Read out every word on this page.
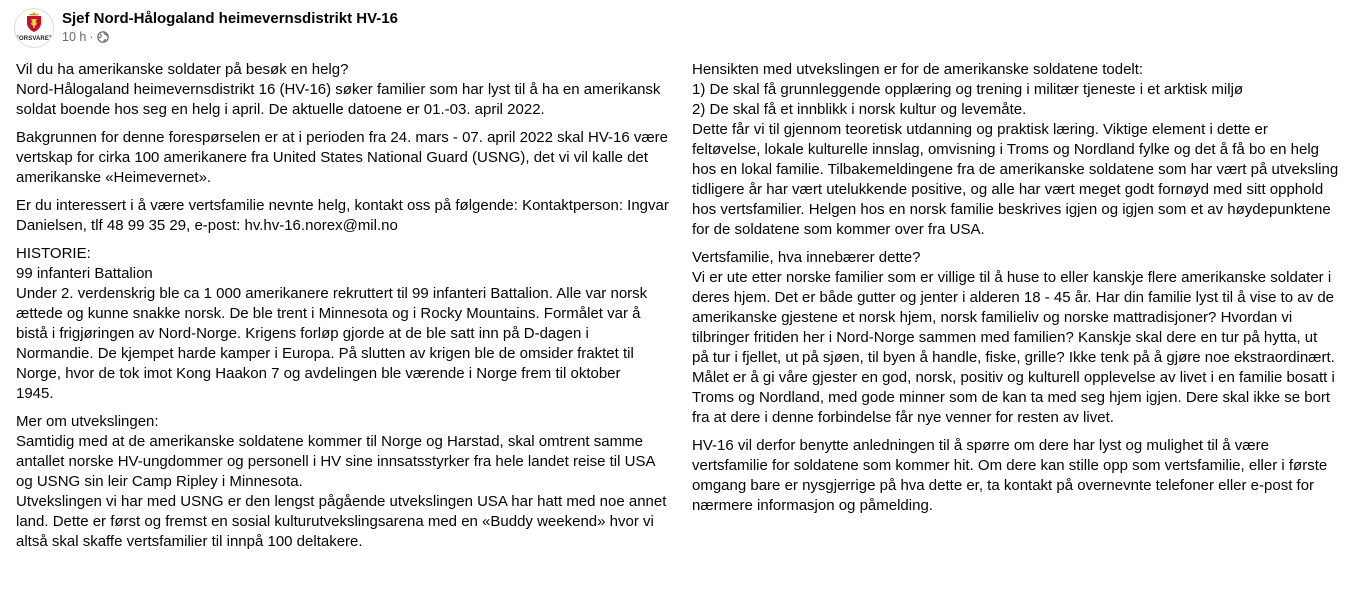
FORSVARET
Sjef Nord-Hålogaland heimevernsdistrikt HV-16
10 h ·

Vil du ha amerikanske soldater på besøk en helg?
Nord-Hålogaland heimevernsdistrikt 16 (HV-16) søker familier som har lyst til å ha en amerikansk
soldat boende hos seg en helg i april. De aktuelle datoene er 01.-03. april 2022.

Bakgrunnen for denne forespørselen er at i perioden fra 24. mars - 07. april 2022 skal HV-16 være
vertskap for cirka 100 amerikanere fra United States National Guard (USNG), det vi vil kalle det
amerikanske «Heimevernet».

Er du interessert i å være vertsfamilie nevnte helg, kontakt oss på følgende: Kontaktperson: Ingvar
Danielsen, tlf 48 99 35 29, e-post: hv.hv-16.norex@mil.no

HISTORIE:
99 infanteri Battalion
Under 2. verdenskrig ble ca 1 000 amerikanere rekruttert til 99 infanteri Battalion. Alle var norsk
ættede og kunne snakke norsk. De ble trent i Minnesota og i Rocky Mountains. Formålet var å
bistå i frigjøringen av Nord-Norge. Krigens forløp gjorde at de ble satt inn på D-dagen i
Normandie. De kjempet harde kamper i Europa. På slutten av krigen ble de omsider fraktet til
Norge, hvor de tok imot Kong Haakon 7 og avdelingen ble værende i Norge frem til oktober
1945.

Mer om utvekslingen:
Samtidig med at de amerikanske soldatene kommer til Norge og Harstad, skal omtrent samme
antallet norske HV-ungdommer og personell i HV sine innsatsstyrker fra hele landet reise til USA
og USNG sin leir Camp Ripley i Minnesota.
Utvekslingen vi har med USNG er den lengst pågående utvekslingen USA har hatt med noe annet
land. Dette er først og fremst en sosial kulturutvekslingsarena med en «Buddy weekend» hvor vi
altså skal skaffe vertsfamilier til innpå 100 deltakere.

Hensikten med utvekslingen er for de amerikanske soldatene todelt:
1) De skal få grunnleggende opplæring og trening i militær tjeneste i et arktisk miljø
2) De skal få et innblikk i norsk kultur og levemåte.
Dette får vi til gjennom teoretisk utdanning og praktisk læring. Viktige element i dette er
feltøvelse, lokale kulturelle innslag, omvisning i Troms og Nordland fylke og det å få bo en helg
hos en lokal familie. Tilbakemeldingene fra de amerikanske soldatene som har vært på utveksling
tidligere år har vært utelukkende positive, og alle har vært meget godt fornøyd med sitt opphold
hos vertsfamilier. Helgen hos en norsk familie beskrives igjen og igjen som et av høydepunktene
for de soldatene som kommer over fra USA.

Vertsfamilie, hva innebærer dette?
Vi er ute etter norske familier som er villige til å huse to eller kanskje flere amerikanske soldater i
deres hjem. Det er både gutter og jenter i alderen 18 - 45 år. Har din familie lyst til å vise to av de
amerikanske gjestene et norsk hjem, norsk familieliv og norske mattradisjoner? Hvordan vi
tilbringer fritiden her i Nord-Norge sammen med familien? Kanskje skal dere en tur på hytta, ut
på tur i fjellet, ut på sjøen, til byen å handle, fiske, grille? Ikke tenk på å gjøre noe ekstraordinært.
Målet er å gi våre gjester en god, norsk, positiv og kulturell opplevelse av livet i en familie bosatt i
Troms og Nordland, med gode minner som de kan ta med seg hjem igjen. Dere skal ikke se bort
fra at dere i denne forbindelse får nye venner for resten av livet.

HV-16 vil derfor benytte anledningen til å spørre om dere har lyst og mulighet til å være
vertsfamilie for soldatene som kommer hit. Om dere kan stille opp som vertsfamilie, eller i første
omgang bare er nysgjerrige på hva dette er, ta kontakt på overnevnte telefoner eller e-post for
nærmere informasjon og påmelding.
